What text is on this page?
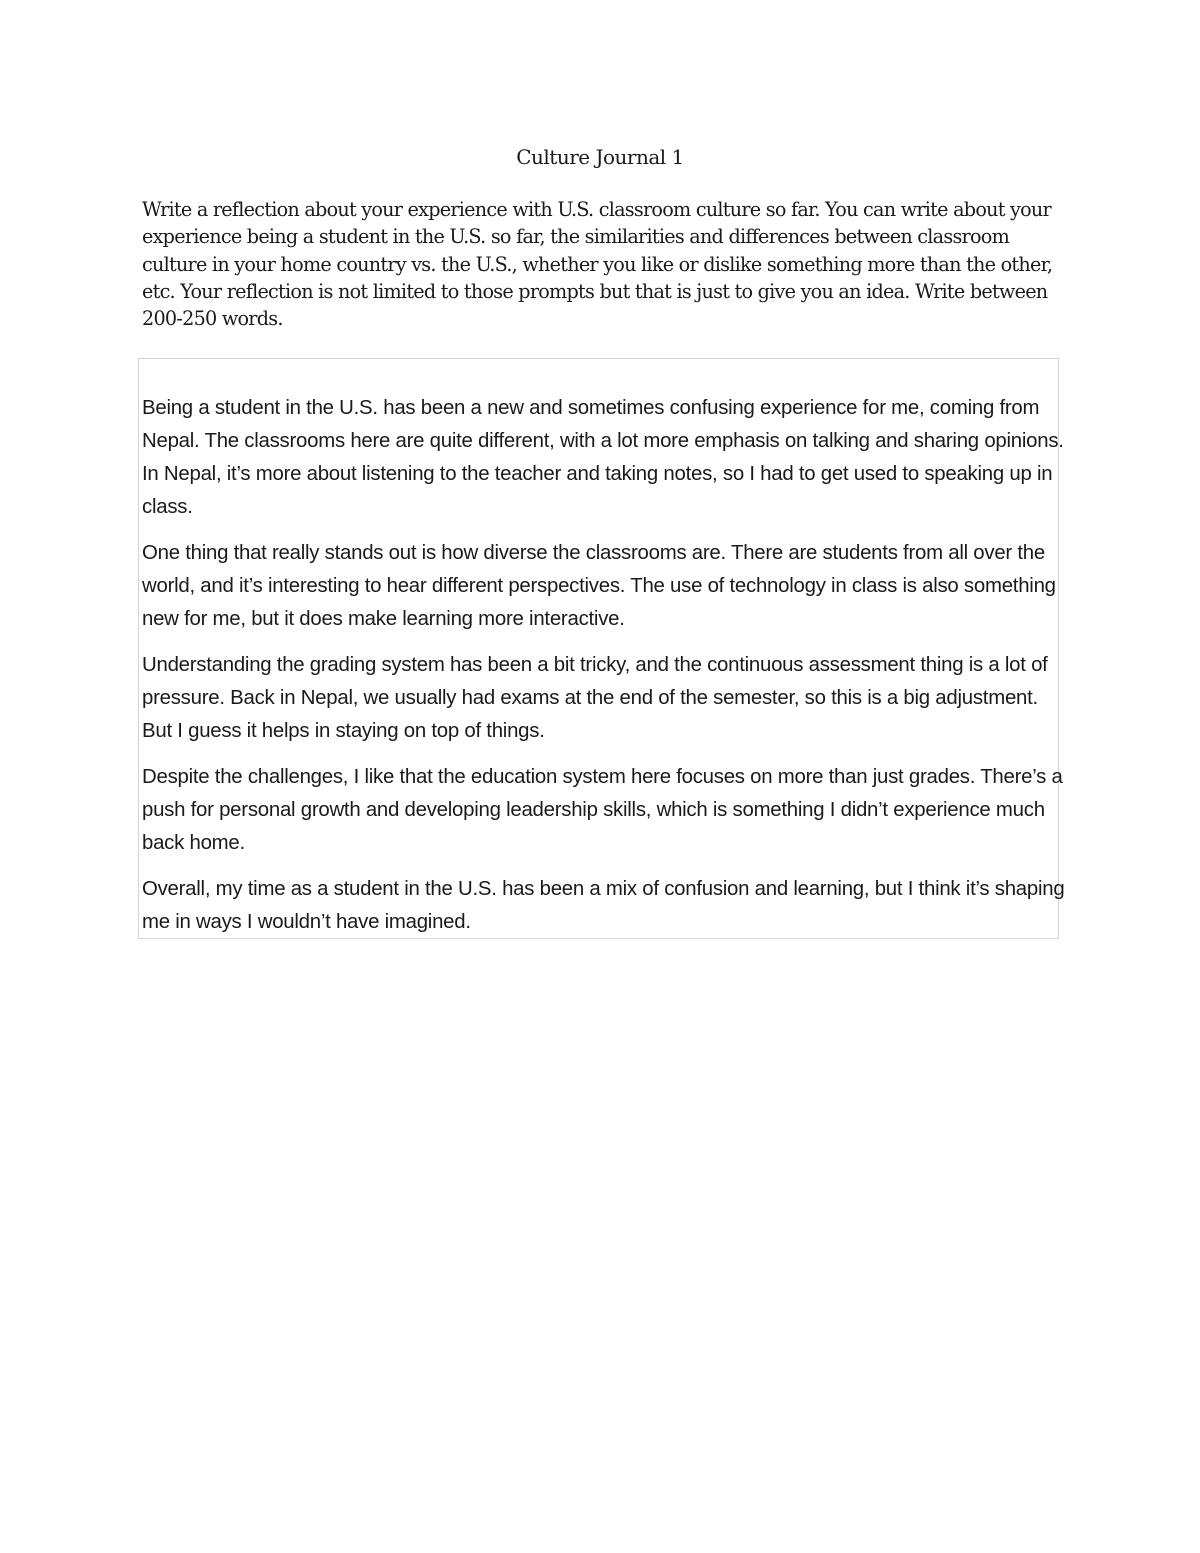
Culture Journal 1

Write a reflection about your experience with U.S. classroom culture so far. You can write about your experience being a student in the U.S. so far, the similarities and differences between classroom culture in your home country vs. the U.S., whether you like or dislike something more than the other, etc. Your reflection is not limited to those prompts but that is just to give you an idea. Write between 200-250 words.

Being a student in the U.S. has been a new and sometimes confusing experience for me, coming from Nepal. The classrooms here are quite different, with a lot more emphasis on talking and sharing opinions. In Nepal, it’s more about listening to the teacher and taking notes, so I had to get used to speaking up in class.

One thing that really stands out is how diverse the classrooms are. There are students from all over the world, and it’s interesting to hear different perspectives. The use of technology in class is also something new for me, but it does make learning more interactive.

Understanding the grading system has been a bit tricky, and the continuous assessment thing is a lot of pressure. Back in Nepal, we usually had exams at the end of the semester, so this is a big adjustment. But I guess it helps in staying on top of things.

Despite the challenges, I like that the education system here focuses on more than just grades. There’s a push for personal growth and developing leadership skills, which is something I didn’t experience much back home.

Overall, my time as a student in the U.S. has been a mix of confusion and learning, but I think it’s shaping me in ways I wouldn’t have imagined.
